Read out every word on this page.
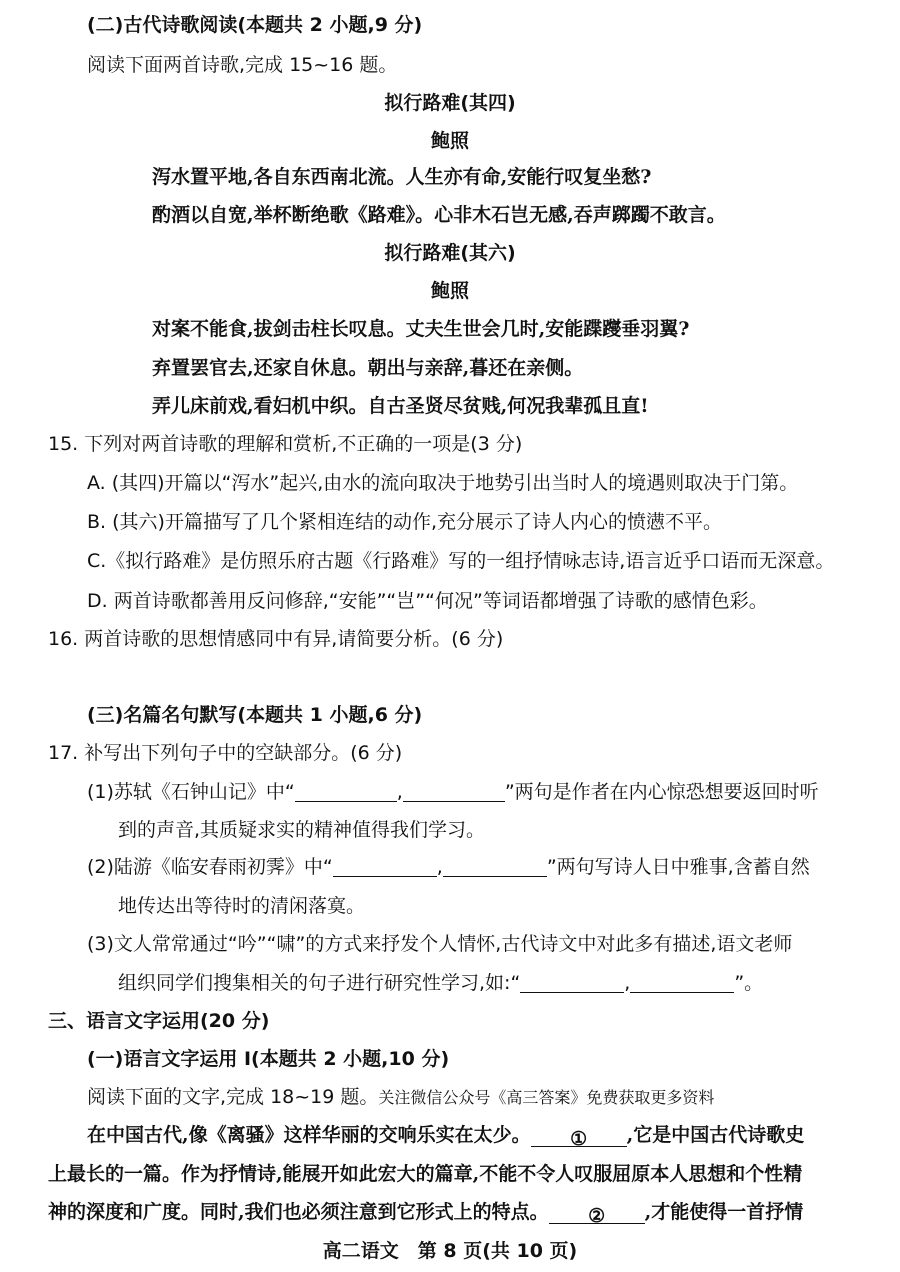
(二)古代诗歌阅读(本题共 2 小题,9 分)
阅读下面两首诗歌,完成 15~16 题。
拟行路难(其四)
鲍照
泻水置平地,各自东西南北流。人生亦有命,安能行叹复坐愁?
酌酒以自宽,举杯断绝歌《路难》。心非木石岂无感,吞声踯躅不敢言。
拟行路难(其六)
鲍照
对案不能食,拔剑击柱长叹息。丈夫生世会几时,安能蹀躞垂羽翼?
弃置罢官去,还家自休息。朝出与亲辞,暮还在亲侧。
弄儿床前戏,看妇机中织。自古圣贤尽贫贱,何况我辈孤且直!
15. 下列对两首诗歌的理解和赏析,不正确的一项是(3 分)
A. (其四)开篇以“泻水”起兴,由水的流向取决于地势引出当时人的境遇则取决于门第。
B. (其六)开篇描写了几个紧相连结的动作,充分展示了诗人内心的愤懑不平。
C.《拟行路难》是仿照乐府古题《行路难》写的一组抒情咏志诗,语言近乎口语而无深意。
D. 两首诗歌都善用反问修辞,“安能”“岂”“何况”等词语都增强了诗歌的感情色彩。
16. 两首诗歌的思想情感同中有异,请简要分析。(6 分)
(三)名篇名句默写(本题共 1 小题,6 分)
17. 补写出下列句子中的空缺部分。(6 分)
(1)苏轼《石钟山记》中“	,	”两句是作者在内心惊恐想要返回时听
到的声音,其质疑求实的精神值得我们学习。
(2)陆游《临安春雨初霁》中“	,	”两句写诗人日中雅事,含蓄自然
地传达出等待时的清闲落寞。
(3)文人常常通过“吟”“啸”的方式来抒发个人情怀,古代诗文中对此多有描述,语文老师
组织同学们搜集相关的句子进行研究性学习,如:“	,	”。
三、语言文字运用(20 分)
(一)语言文字运用 I(本题共 2 小题,10 分)
阅读下面的文字,完成 18~19 题。关注微信公众号《高三答案》免费获取更多资料
在中国古代,像《离骚》这样华丽的交响乐实在太少。 ① ,它是中国古代诗歌史
上最长的一篇。作为抒情诗,能展开如此宏大的篇章,不能不令人叹服屈原本人思想和个性精
神的深度和广度。同时,我们也必须注意到它形式上的特点。 ② ,才能使得一首抒情
高二语文　第 8 页(共 10 页)
